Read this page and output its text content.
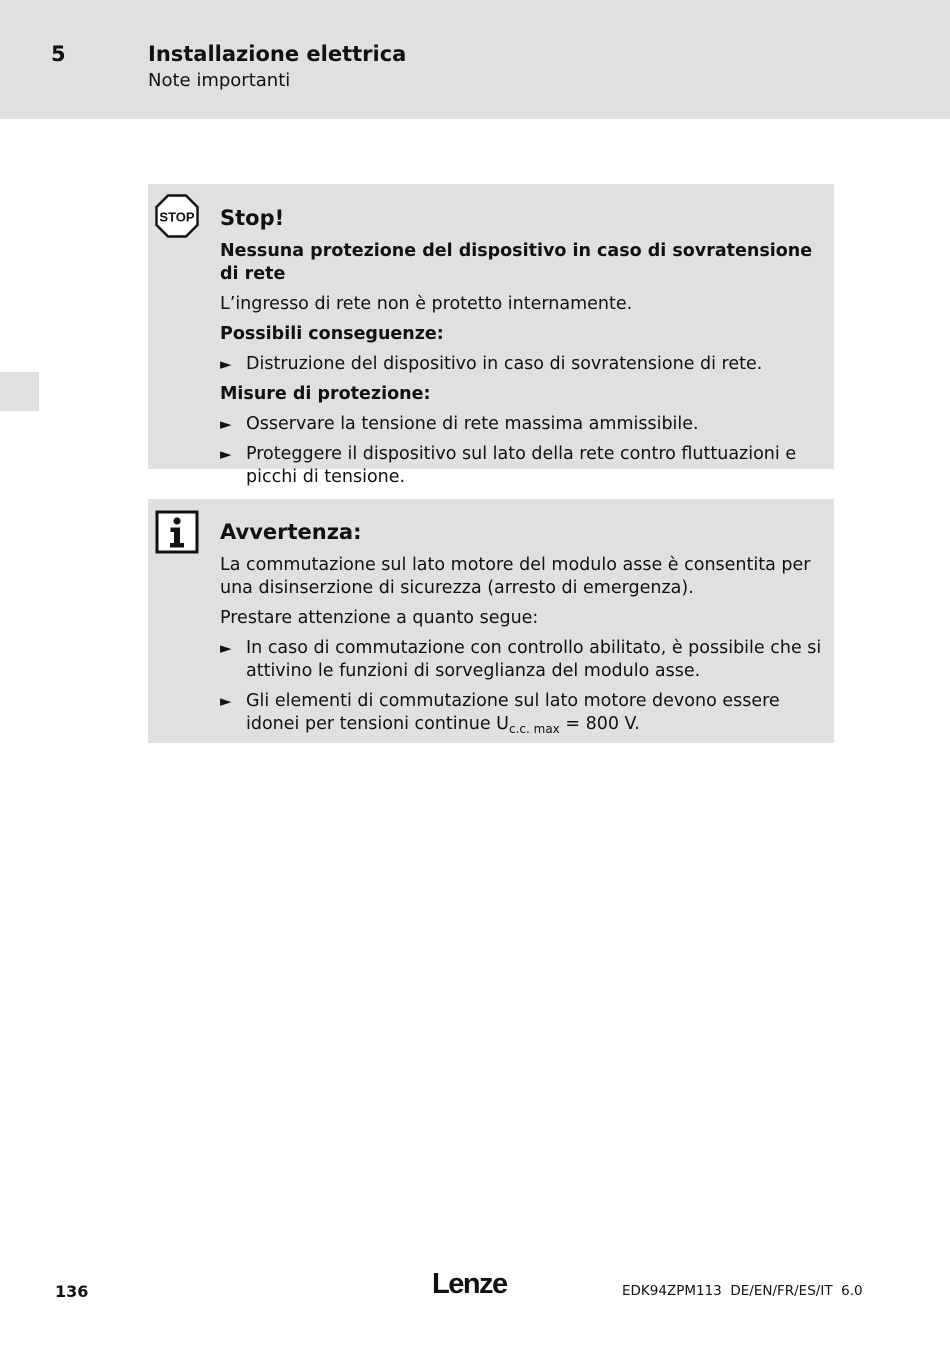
5	Installazione elettrica
Note importanti
STOP Stop!
Nessuna protezione del dispositivo in caso di sovratensione di rete
L’ingresso di rete non è protetto internamente.
Possibili conseguenze:
► Distruzione del dispositivo in caso di sovratensione di rete.
Misure di protezione:
► Osservare la tensione di rete massima ammissibile.
► Proteggere il dispositivo sul lato della rete contro fluttuazioni e picchi di tensione.
Avvertenza:
La commutazione sul lato motore del modulo asse è consentita per una disinserzione di sicurezza (arresto di emergenza).
Prestare attenzione a quanto segue:
► In caso di commutazione con controllo abilitato, è possibile che si attivino le funzioni di sorveglianza del modulo asse.
► Gli elementi di commutazione sul lato motore devono essere idonei per tensioni continue $U_{c.c. max} = 800$ V.
136	Lenze	EDK94ZPM113  DE/EN/FR/ES/IT  6.0
